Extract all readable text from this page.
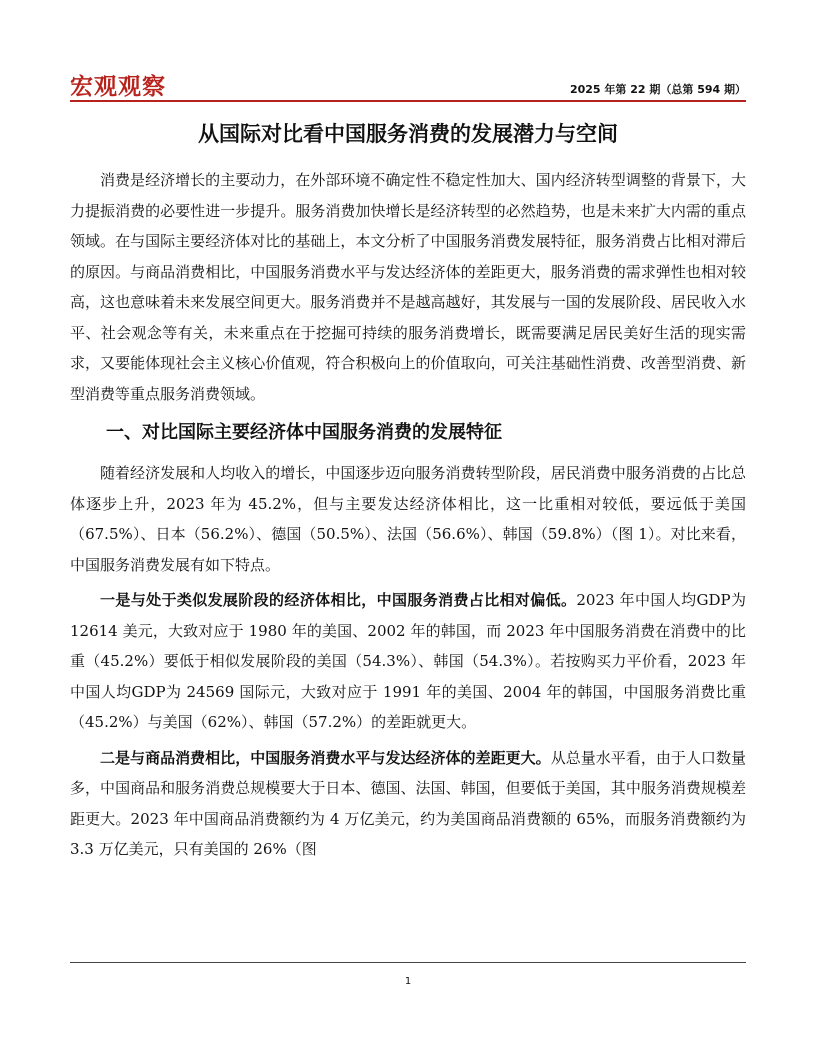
宏观观察	2025 年第 22 期（总第 594 期）
从国际对比看中国服务消费的发展潜力与空间

消费是经济增长的主要动力，在外部环境不确定性不稳定性加大、国内经济转型调整的背景下，大力提振消费的必要性进一步提升。服务消费加快增长是经济转型的必然趋势，也是未来扩大内需的重点领域。在与国际主要经济体对比的基础上，本文分析了中国服务消费发展特征，服务消费占比相对滞后的原因。与商品消费相比，中国服务消费水平与发达经济体的差距更大，服务消费的需求弹性也相对较高，这也意味着未来发展空间更大。服务消费并不是越高越好，其发展与一国的发展阶段、居民收入水平、社会观念等有关，未来重点在于挖掘可持续的服务消费增长，既需要满足居民美好生活的现实需求，又要能体现社会主义核心价值观，符合积极向上的价值取向，可关注基础性消费、改善型消费、新型消费等重点服务消费领域。

一、对比国际主要经济体中国服务消费的发展特征

随着经济发展和人均收入的增长，中国逐步迈向服务消费转型阶段，居民消费中服务消费的占比总体逐步上升，2023 年为 45.2%，但与主要发达经济体相比，这一比重相对较低，要远低于美国（67.5%）、日本（56.2%）、德国（50.5%）、法国（56.6%）、韩国（59.8%）（图 1）。对比来看，中国服务消费发展有如下特点。

一是与处于类似发展阶段的经济体相比，中国服务消费占比相对偏低。2023 年中国人均GDP为 12614 美元，大致对应于 1980 年的美国、2002 年的韩国，而 2023 年中国服务消费在消费中的比重（45.2%）要低于相似发展阶段的美国（54.3%）、韩国（54.3%）。若按购买力平价看，2023 年中国人均GDP为 24569 国际元，大致对应于 1991 年的美国、2004 年的韩国，中国服务消费比重（45.2%）与美国（62%）、韩国（57.2%）的差距就更大。

二是与商品消费相比，中国服务消费水平与发达经济体的差距更大。从总量水平看，由于人口数量多，中国商品和服务消费总规模要大于日本、德国、法国、韩国，但要低于美国，其中服务消费规模差距更大。2023 年中国商品消费额约为 4 万亿美元，约为美国商品消费额的 65%，而服务消费额约为 3.3 万亿美元，只有美国的 26%（图

1
